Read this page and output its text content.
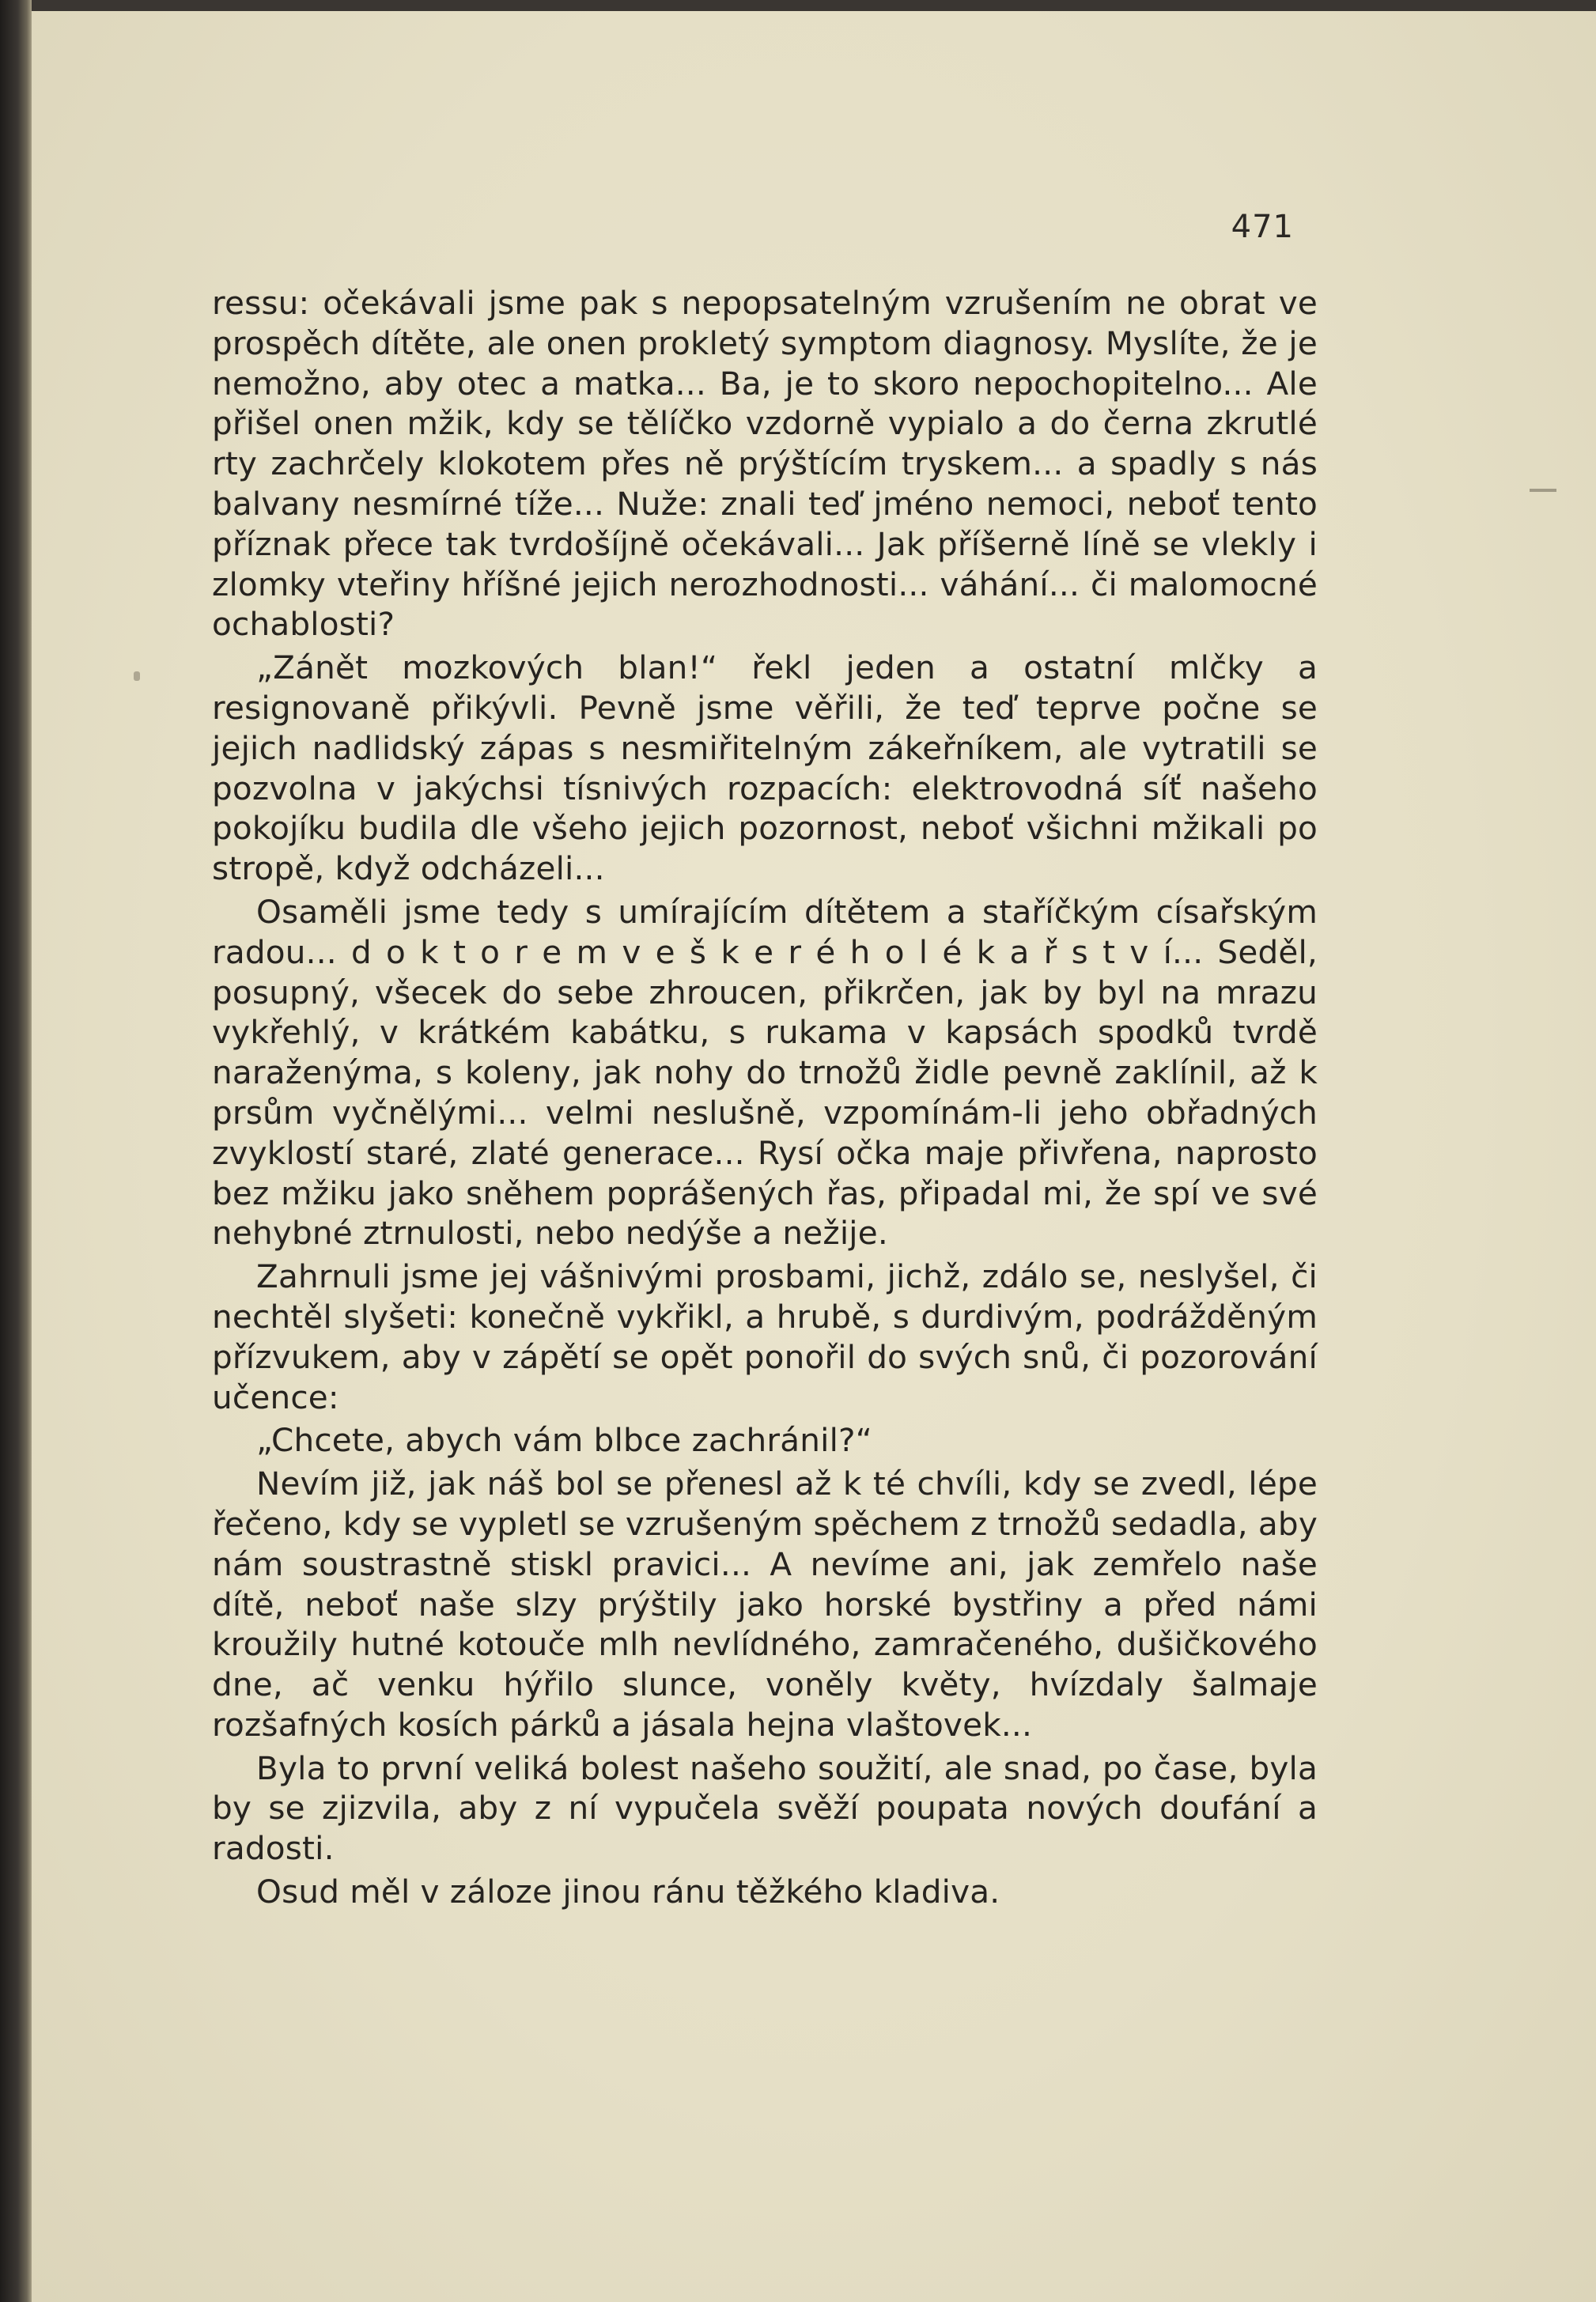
471

ressu: očekávali jsme pak s nepopsatelným vzrušením ne obrat ve prospěch dítěte, ale onen prokletý symptom diagnosy. Myslíte, že je nemožno, aby otec a matka... Ba, je to skoro nepochopitelno... Ale přišel onen mžik, kdy se tělíčko vzdorně vypialo a do černa zkrutlé rty zachrčely klokotem přes ně prýštícím tryskem... a spadly s nás balvany nesmírné tíže... Nuže: znali teď jméno nemoci, neboť tento příznak přece tak tvrdošíjně očekávali... Jak příšerně líně se vlekly i zlomky vteřiny hříšné jejich nerozhodnosti... váhání... či malomocné ochablosti?

„Zánět mozkových blan!“ řekl jeden a ostatní mlčky a resignovaně přikývli. Pevně jsme věřili, že teď teprve počne se jejich nadlidský zápas s nesmiřitelným zákeřníkem, ale vytratili se pozvolna v jakýchsi tísnivých rozpacích: elektrovodná síť našeho pokojíku budila dle všeho jejich pozornost, neboť všichni mžikali po stropě, když odcházeli...

Osaměli jsme tedy s umírajícím dítětem a staříčkým císařským radou... d o k t o r e m v e š k e r é h o l é k a ř s t v í... Seděl, posupný, všecek do sebe zhroucen, přikrčen, jak by byl na mrazu vykřehlý, v krátkém kabátku, s rukama v kapsách spodků tvrdě naraženýma, s koleny, jak nohy do trnožů židle pevně zaklínil, až k prsům vyčnělými... velmi neslušně, vzpomínám-li jeho obřadných zvyklostí staré, zlaté generace... Rysí očka maje přivřena, naprosto bez mžiku jako sněhem poprášených řas, připadal mi, že spí ve své nehybné ztrnulosti, nebo nedýše a nežije.

Zahrnuli jsme jej vášnivými prosbami, jichž, zdálo se, neslyšel, či nechtěl slyšeti: konečně vykřikl, a hrubě, s durdivým, podrážděným přízvukem, aby v zápětí se opět ponořil do svých snů, či pozorování učence:

„Chcete, abych vám blbce zachránil?“

Nevím již, jak náš bol se přenesl až k té chvíli, kdy se zvedl, lépe řečeno, kdy se vypletl se vzrušeným spěchem z trnožů sedadla, aby nám soustrastně stiskl pravici... A nevíme ani, jak zemřelo naše dítě, neboť naše slzy prýštily jako horské bystřiny a před námi kroužily hutné kotouče mlh nevlídného, zamračeného, dušičkového dne, ač venku hýřilo slunce, voněly květy, hvízdaly šalmaje rozšafných kosích párků a jásala hejna vlaštovek...

Byla to první veliká bolest našeho soužití, ale snad, po čase, byla by se zjizvila, aby z ní vypučela svěží poupata nových doufání a radosti.

Osud měl v záloze jinou ránu těžkého kladiva.
